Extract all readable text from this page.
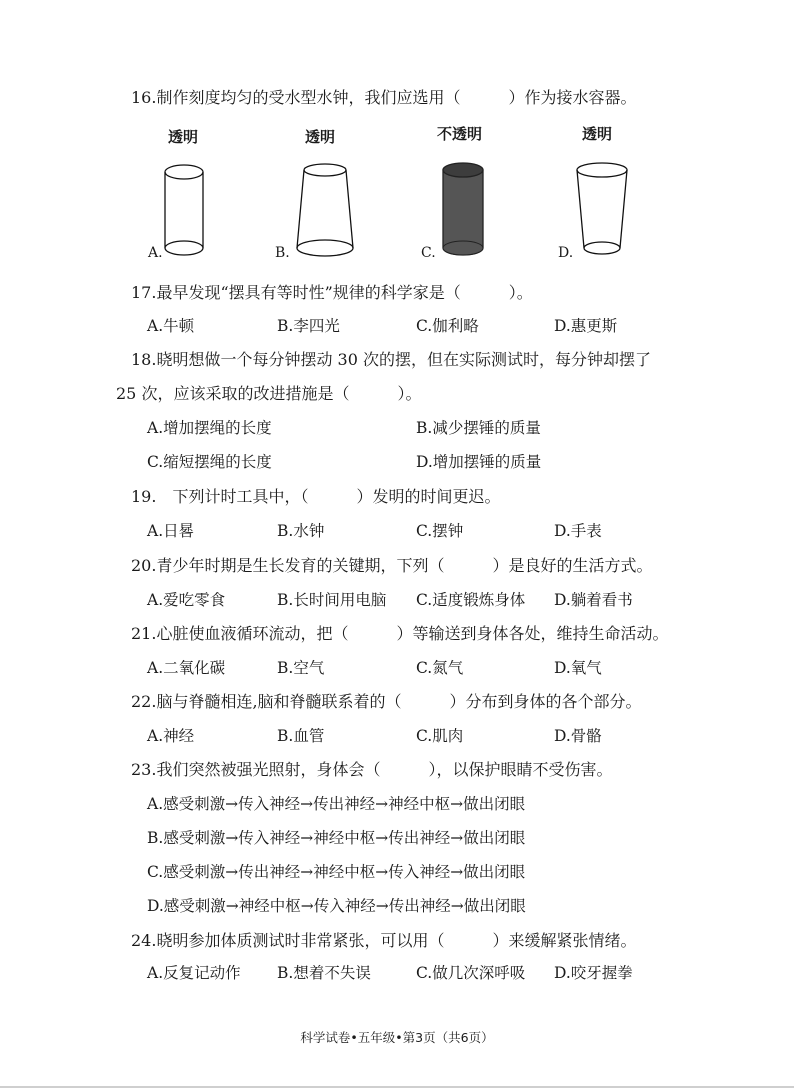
16.制作刻度均匀的受水型水钟，我们应选用（　　　）作为接水容器。
透明	透明	不透明	透明
A.	B.	C.	D.
17.最早发现“摆具有等时性”规律的科学家是（　　　）。
A.牛顿	B.李四光	C.伽利略	D.惠更斯
18.晓明想做一个每分钟摆动 30 次的摆，但在实际测试时，每分钟却摆了
25 次，应该采取的改进措施是（　　　）。
A.增加摆绳的长度	B.减少摆锤的质量
C.缩短摆绳的长度	D.增加摆锤的质量
19.　下列计时工具中，（　　　）发明的时间更迟。
A.日晷	B.水钟	C.摆钟	D.手表
20.青少年时期是生长发育的关键期，下列（　　　）是良好的生活方式。
A.爱吃零食	B.长时间用电脑 C.适度锻炼身体 D.躺着看书
21.心脏使血液循环流动，把（　　　）等输送到身体各处，维持生命活动。
A.二氧化碳	B.空气	C.氮气	D.氧气
22.脑与脊髓相连,脑和脊髓联系着的（　　　）分布到身体的各个部分。
A.神经	B.血管	C.肌肉	D.骨骼
23.我们突然被强光照射，身体会（　　　），以保护眼睛不受伤害。
A.感受刺激→传入神经→传出神经→神经中枢→做出闭眼
B.感受刺激→传入神经→神经中枢→传出神经→做出闭眼
C.感受刺激→传出神经→神经中枢→传入神经→做出闭眼
D.感受刺激→神经中枢→传入神经→传出神经→做出闭眼
24.晓明参加体质测试时非常紧张，可以用（　　　）来缓解紧张情绪。
A.反复记动作 B.想着不失误	C.做几次深呼吸 D.咬牙握拳
科学试卷•五年级•第3页（共6页）
